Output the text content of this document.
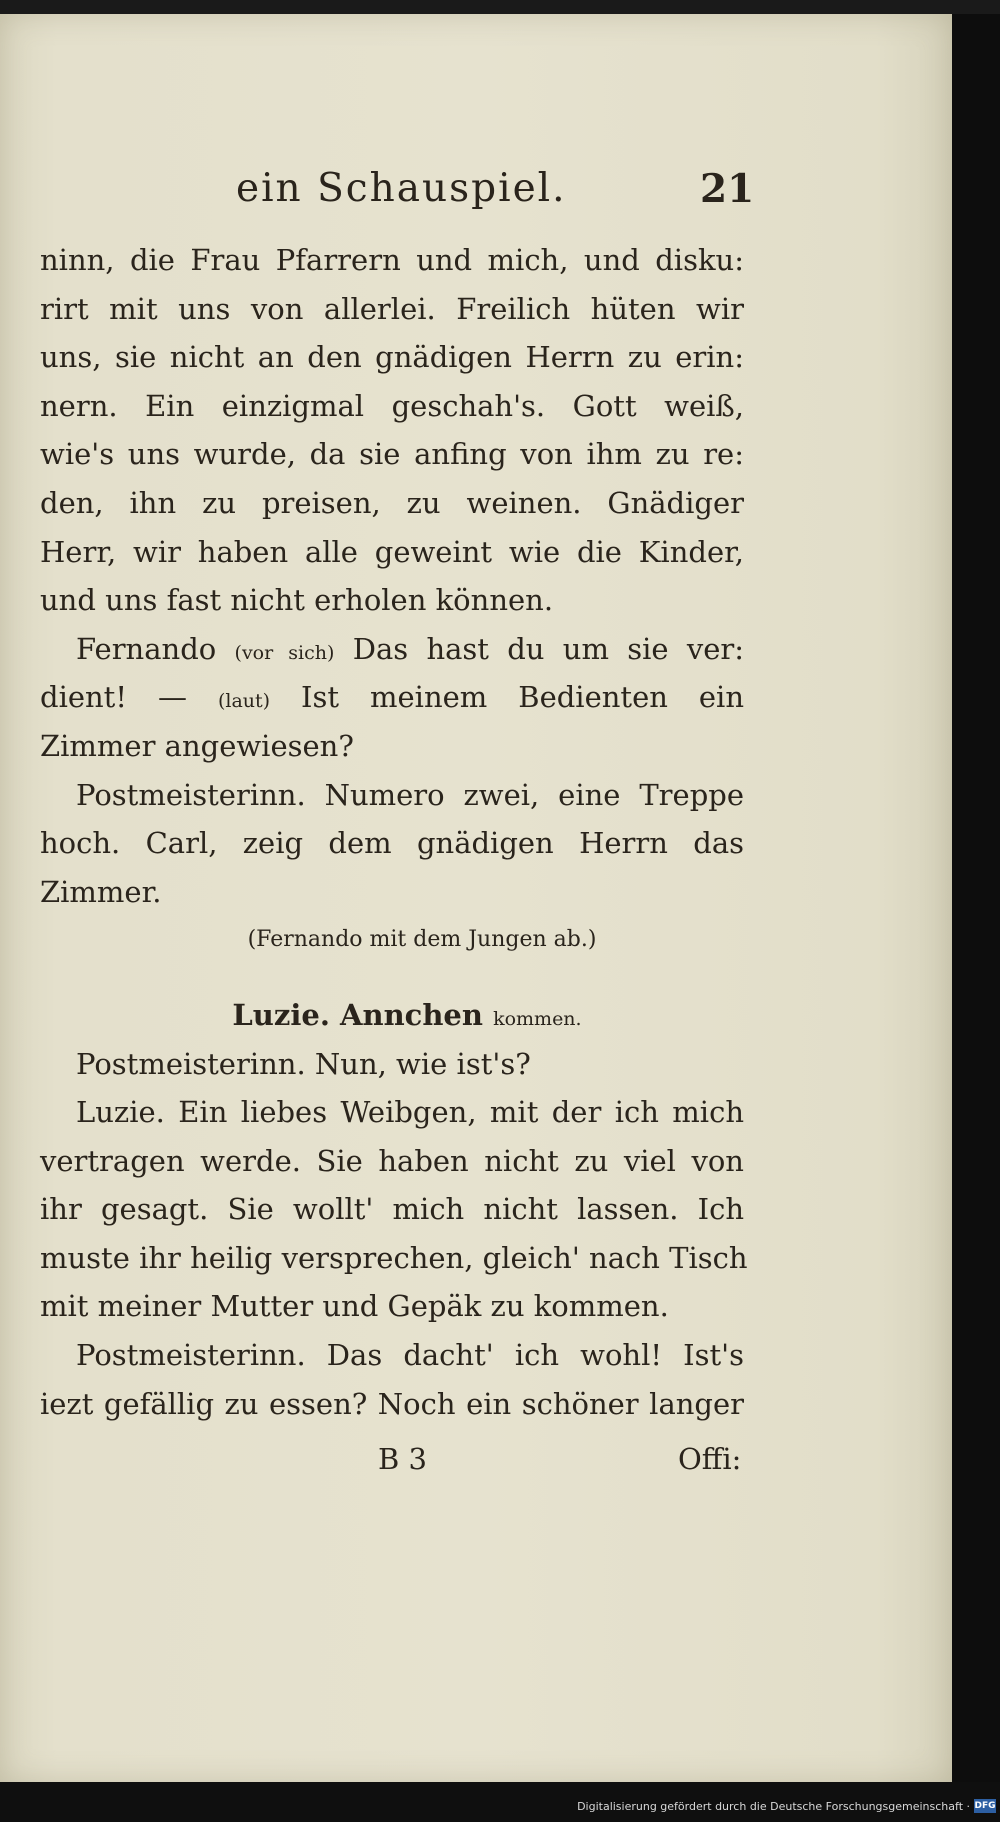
ein Schauspiel.	21
ninn, die Frau Pfarrern und mich, und disku:
rirt mit uns von allerlei. Freilich hüten wir
uns, sie nicht an den gnädigen Herrn zu erin:
nern. Ein einzigmal geschah's. Gott weiß,
wie's uns wurde, da sie anfing von ihm zu re:
den, ihn zu preisen, zu weinen. Gnädiger
Herr, wir haben alle geweint wie die Kinder,
und uns fast nicht erholen können.
Fernando (vor sich) Das hast du um sie ver:
dient! — (laut) Ist meinem Bedienten ein
Zimmer angewiesen?
Postmeisterinn. Numero zwei, eine Treppe
hoch. Carl, zeig dem gnädigen Herrn das
Zimmer.
(Fernando mit dem Jungen ab.)
Luzie. Annchen kommen.
Postmeisterinn. Nun, wie ist's?
Luzie. Ein liebes Weibgen, mit der ich mich
vertragen werde. Sie haben nicht zu viel von
ihr gesagt. Sie wollt' mich nicht lassen. Ich
muste ihr heilig versprechen, gleich' nach Tisch
mit meiner Mutter und Gepäk zu kommen.
Postmeisterinn. Das dacht' ich wohl! Ist's
iezt gefällig zu essen? Noch ein schöner langer
B 3	Offi:
Digitalisierung gefördert durch die Deutsche Forschungsgemeinschaft · DFG
